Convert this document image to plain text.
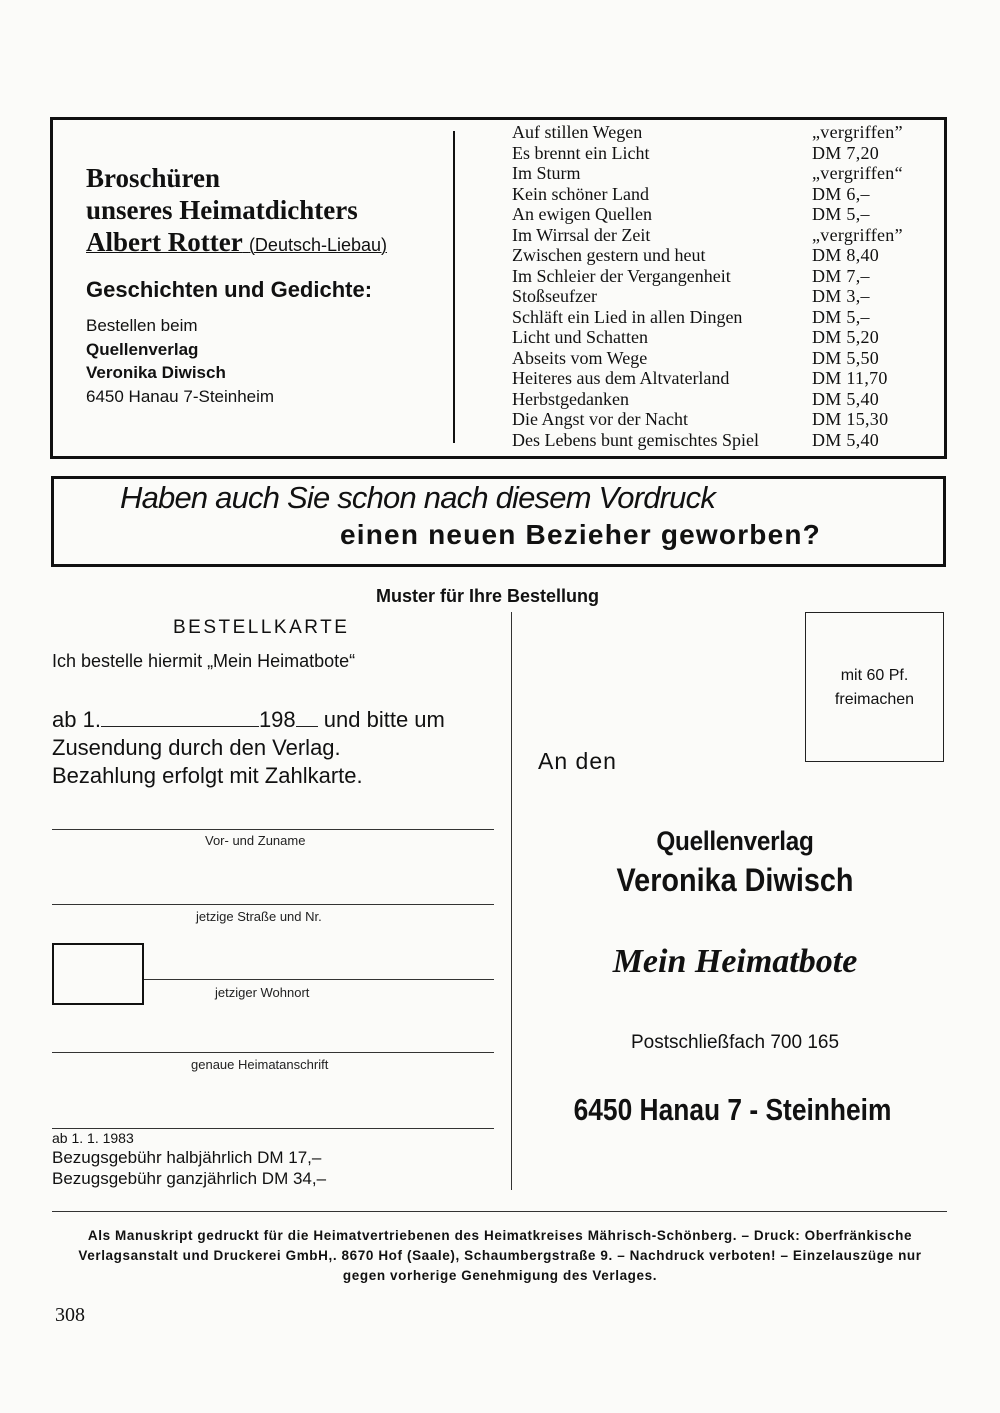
Broschüren
unseres Heimatdichters
Albert Rotter (Deutsch-Liebau)
Geschichten und Gedichte:
Bestellen beim
Quellenverlag
Veronika Diwisch
6450 Hanau 7-Steinheim
Auf stillen Wegen	„vergriffen”
Es brennt ein Licht	DM 7,20
Im Sturm	„vergriffen“
Kein schöner Land	DM 6,–
An ewigen Quellen	DM 5,–
Im Wirrsal der Zeit	„vergriffen”
Zwischen gestern und heut	DM 8,40
Im Schleier der Vergangenheit	DM 7,–
Stoßseufzer	DM 3,–
Schläft ein Lied in allen Dingen	DM 5,–
Licht und Schatten	DM 5,20
Abseits vom Wege	DM 5,50
Heiteres aus dem Altvaterland	DM 11,70
Herbstgedanken	DM 5,40
Die Angst vor der Nacht	DM 15,30
Des Lebens bunt gemischtes Spiel	DM 5,40
Haben auch Sie schon nach diesem Vordruck
einen neuen Bezieher geworben?
Muster für Ihre Bestellung
BESTELLKARTE
Ich bestelle hiermit „Mein Heimatbote“
ab 1.	198 und bitte um
Zusendung durch den Verlag.
Bezahlung erfolgt mit Zahlkarte.
Vor- und Zuname
jetzige Straße und Nr.
jetziger Wohnort
genaue Heimatanschrift
ab 1. 1. 1983
Bezugsgebühr halbjährlich DM 17,–
Bezugsgebühr ganzjährlich DM 34,–
mit 60 Pf.
freimachen
An den
Quellenverlag
Veronika Diwisch
Mein Heimatbote
Postschließfach 700 165
6450 Hanau 7 - Steinheim
Als Manuskript gedruckt für die Heimatvertriebenen des Heimatkreises Mährisch-Schönberg. – Druck: Oberfränkische Verlagsanstalt und Druckerei GmbH,. 8670 Hof (Saale), Schaumbergstraße 9. – Nachdruck verboten! – Einzelauszüge nur gegen vorherige Genehmigung des Verlages.
308
